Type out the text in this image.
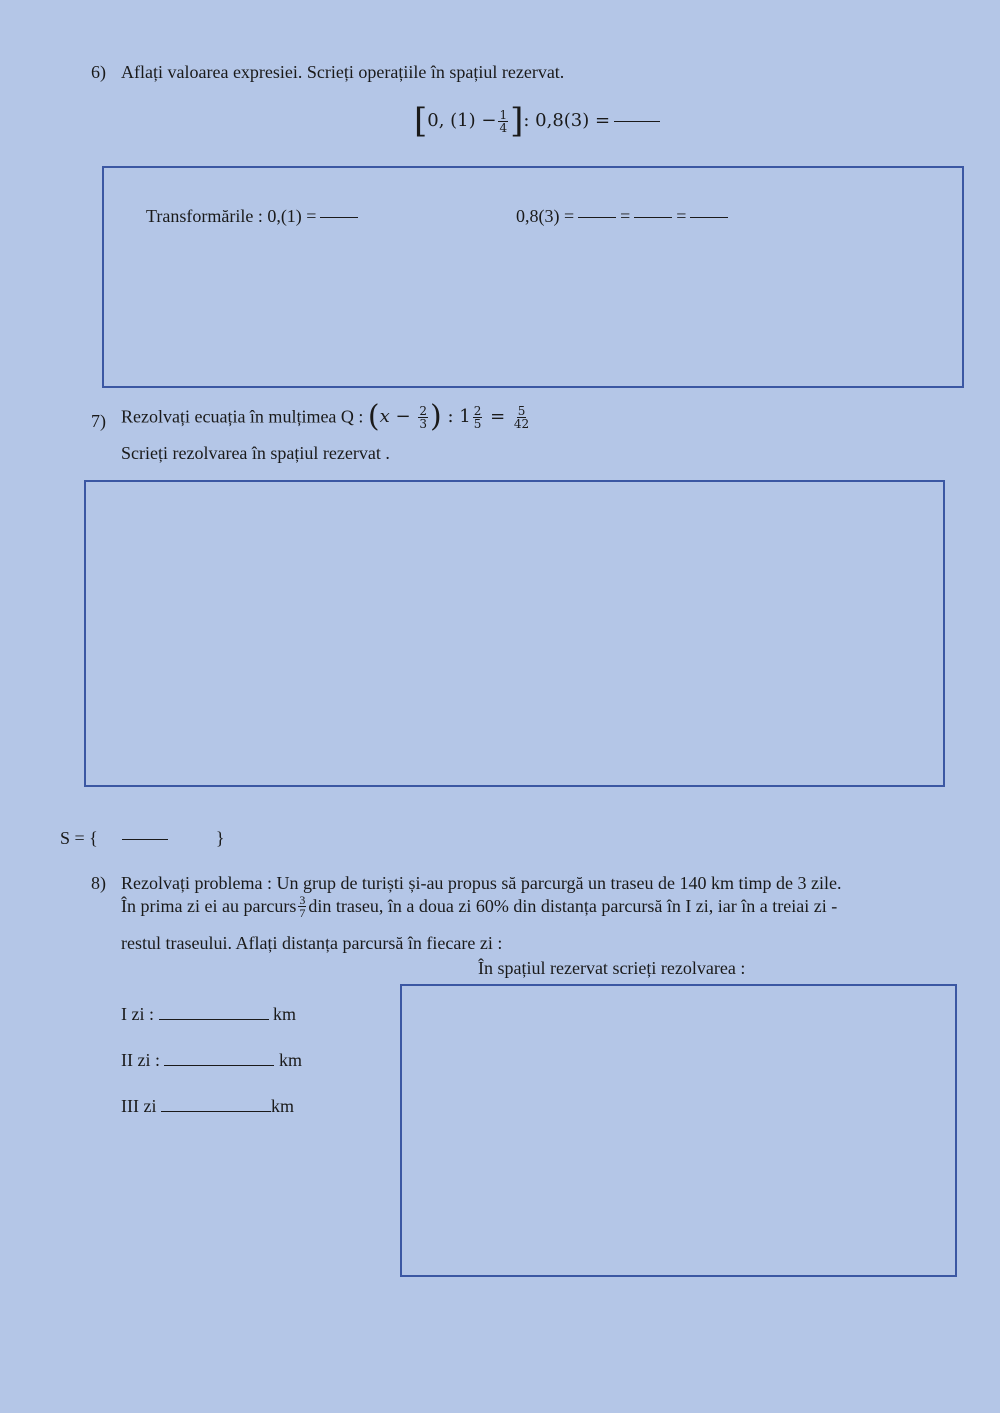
6) Aflați valoarea expresiei. Scrieți operațiile în spațiul rezervat.
[0, $(1) - \frac{1}{4}$ ]: 0,8(3) =
Transformările : 0,(1) =	0,8(3) =	=	=
7) Rezolvați ecuația în mulțimea Q : ($x - \frac{2}{3}$ ) : $1 \frac{2}{5} = \frac{5}{42}$
Scrieți rezolvarea în spațiul rezervat .
S = {	}
8) Rezolvați problema : Un grup de turiști și-au propus să parcurgă un traseu de 140 km timp de 3 zile.
În prima zi ei au parcurs $\frac{3}{7}$ din traseu, în a doua zi 60% din distanța parcursă în I zi, iar în a treiai zi -
restul traseului. Aflați distanța parcursă în fiecare zi :
În spațiul rezervat scrieți rezolvarea :
I zi :	km
II zi :	km
III zi	km
